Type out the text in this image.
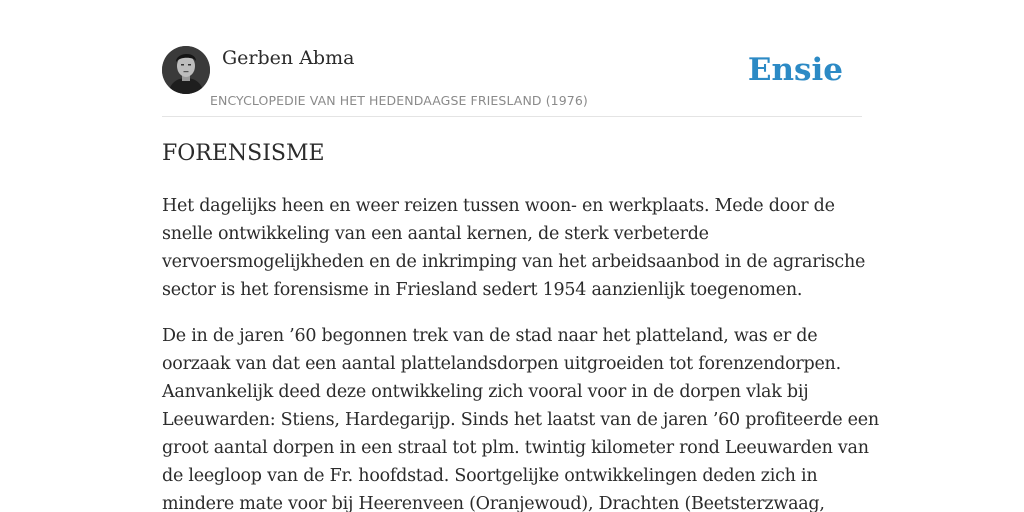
Gerben Abma
ENCYCLOPEDIE VAN HET HEDENDAAGSE FRIESLAND (1976)
Ensie
FORENSISME

Het dagelijks heen en weer reizen tussen woon- en werkplaats. Mede door de
snelle ontwikkeling van een aantal kernen, de sterk verbeterde
vervoersmogelijkheden en de inkrimping van het arbeidsaanbod in de agrarische
sector is het forensisme in Friesland sedert 1954 aanzienlijk toegenomen.

De in de jaren ’60 begonnen trek van de stad naar het platteland, was er de
oorzaak van dat een aantal plattelandsdorpen uitgroeiden tot forenzendorpen.
Aanvankelijk deed deze ontwikkeling zich vooral voor in de dorpen vlak bij
Leeuwarden: Stiens, Hardegarijp. Sinds het laatst van de jaren ’60 profiteerde een
groot aantal dorpen in een straal tot plm. twintig kilometer rond Leeuwarden van
de leegloop van de Fr. hoofdstad. Soortgelijke ontwikkelingen deden zich in
mindere mate voor bij Heerenveen (Oranjewoud), Drachten (Beetsterzwaag,
